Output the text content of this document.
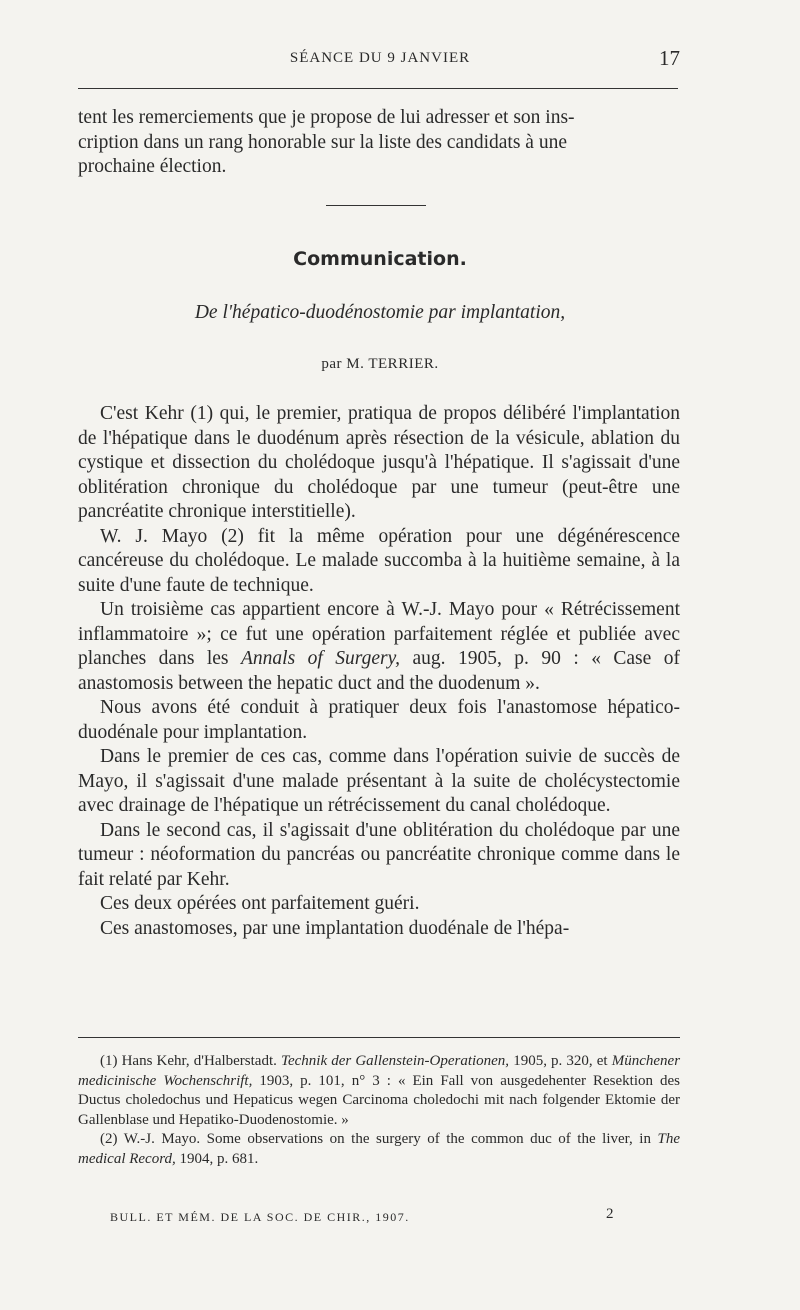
SÉANCE DU 9 JANVIER	17

tent les remerciements que je propose de lui adresser et son ins-

cription dans un rang honorable sur la liste des candidats à une

prochaine élection.

Communication.
De l'hépatico-duodénostomie par implantation,
par M. TERRIER.

C'est Kehr (1) qui, le premier, pratiqua de propos délibéré l'implantation de l'hépatique dans le duodénum après résection de la vésicule, ablation du cystique et dissection du cholédoque jusqu'à l'hépatique. Il s'agissait d'une oblitération chronique du cholédoque par une tumeur (peut-être une pancréatite chronique interstitielle).

W. J. Mayo (2) fit la même opération pour une dégénérescence cancéreuse du cholédoque. Le malade succomba à la huitième semaine, à la suite d'une faute de technique.

Un troisième cas appartient encore à W.-J. Mayo pour « Rétrécissement inflammatoire »; ce fut une opération parfaitement réglée et publiée avec planches dans les Annals of Surgery, aug. 1905, p. 90 : « Case of anastomosis between the hepatic duct and the duodenum ».

Nous avons été conduit à pratiquer deux fois l'anastomose hépatico-duodénale pour implantation.

Dans le premier de ces cas, comme dans l'opération suivie de succès de Mayo, il s'agissait d'une malade présentant à la suite de cholécystectomie avec drainage de l'hépatique un rétrécissement du canal cholédoque.

Dans le second cas, il s'agissait d'une oblitération du cholédoque par une tumeur : néoformation du pancréas ou pancréatite chronique comme dans le fait relaté par Kehr.

Ces deux opérées ont parfaitement guéri.

Ces anastomoses, par une implantation duodénale de l'hépa-

(1) Hans Kehr, d'Halberstadt. Technik der Gallenstein-Operationen, 1905, p. 320, et Münchener medicinische Wochenschrift, 1903, p. 101, n° 3 : « Ein Fall von ausgedehenter Resektion des Ductus choledochus und Hepaticus wegen Carcinoma choledochi mit nach folgender Ektomie der Gallenblase und Hepatiko-Duodenostomie. »

(2) W.-J. Mayo. Some observations on the surgery of the common duc of the liver, in The medical Record, 1904, p. 681.

BULL. ET MÉM. DE LA SOC. DE CHIR., 1907.	2
